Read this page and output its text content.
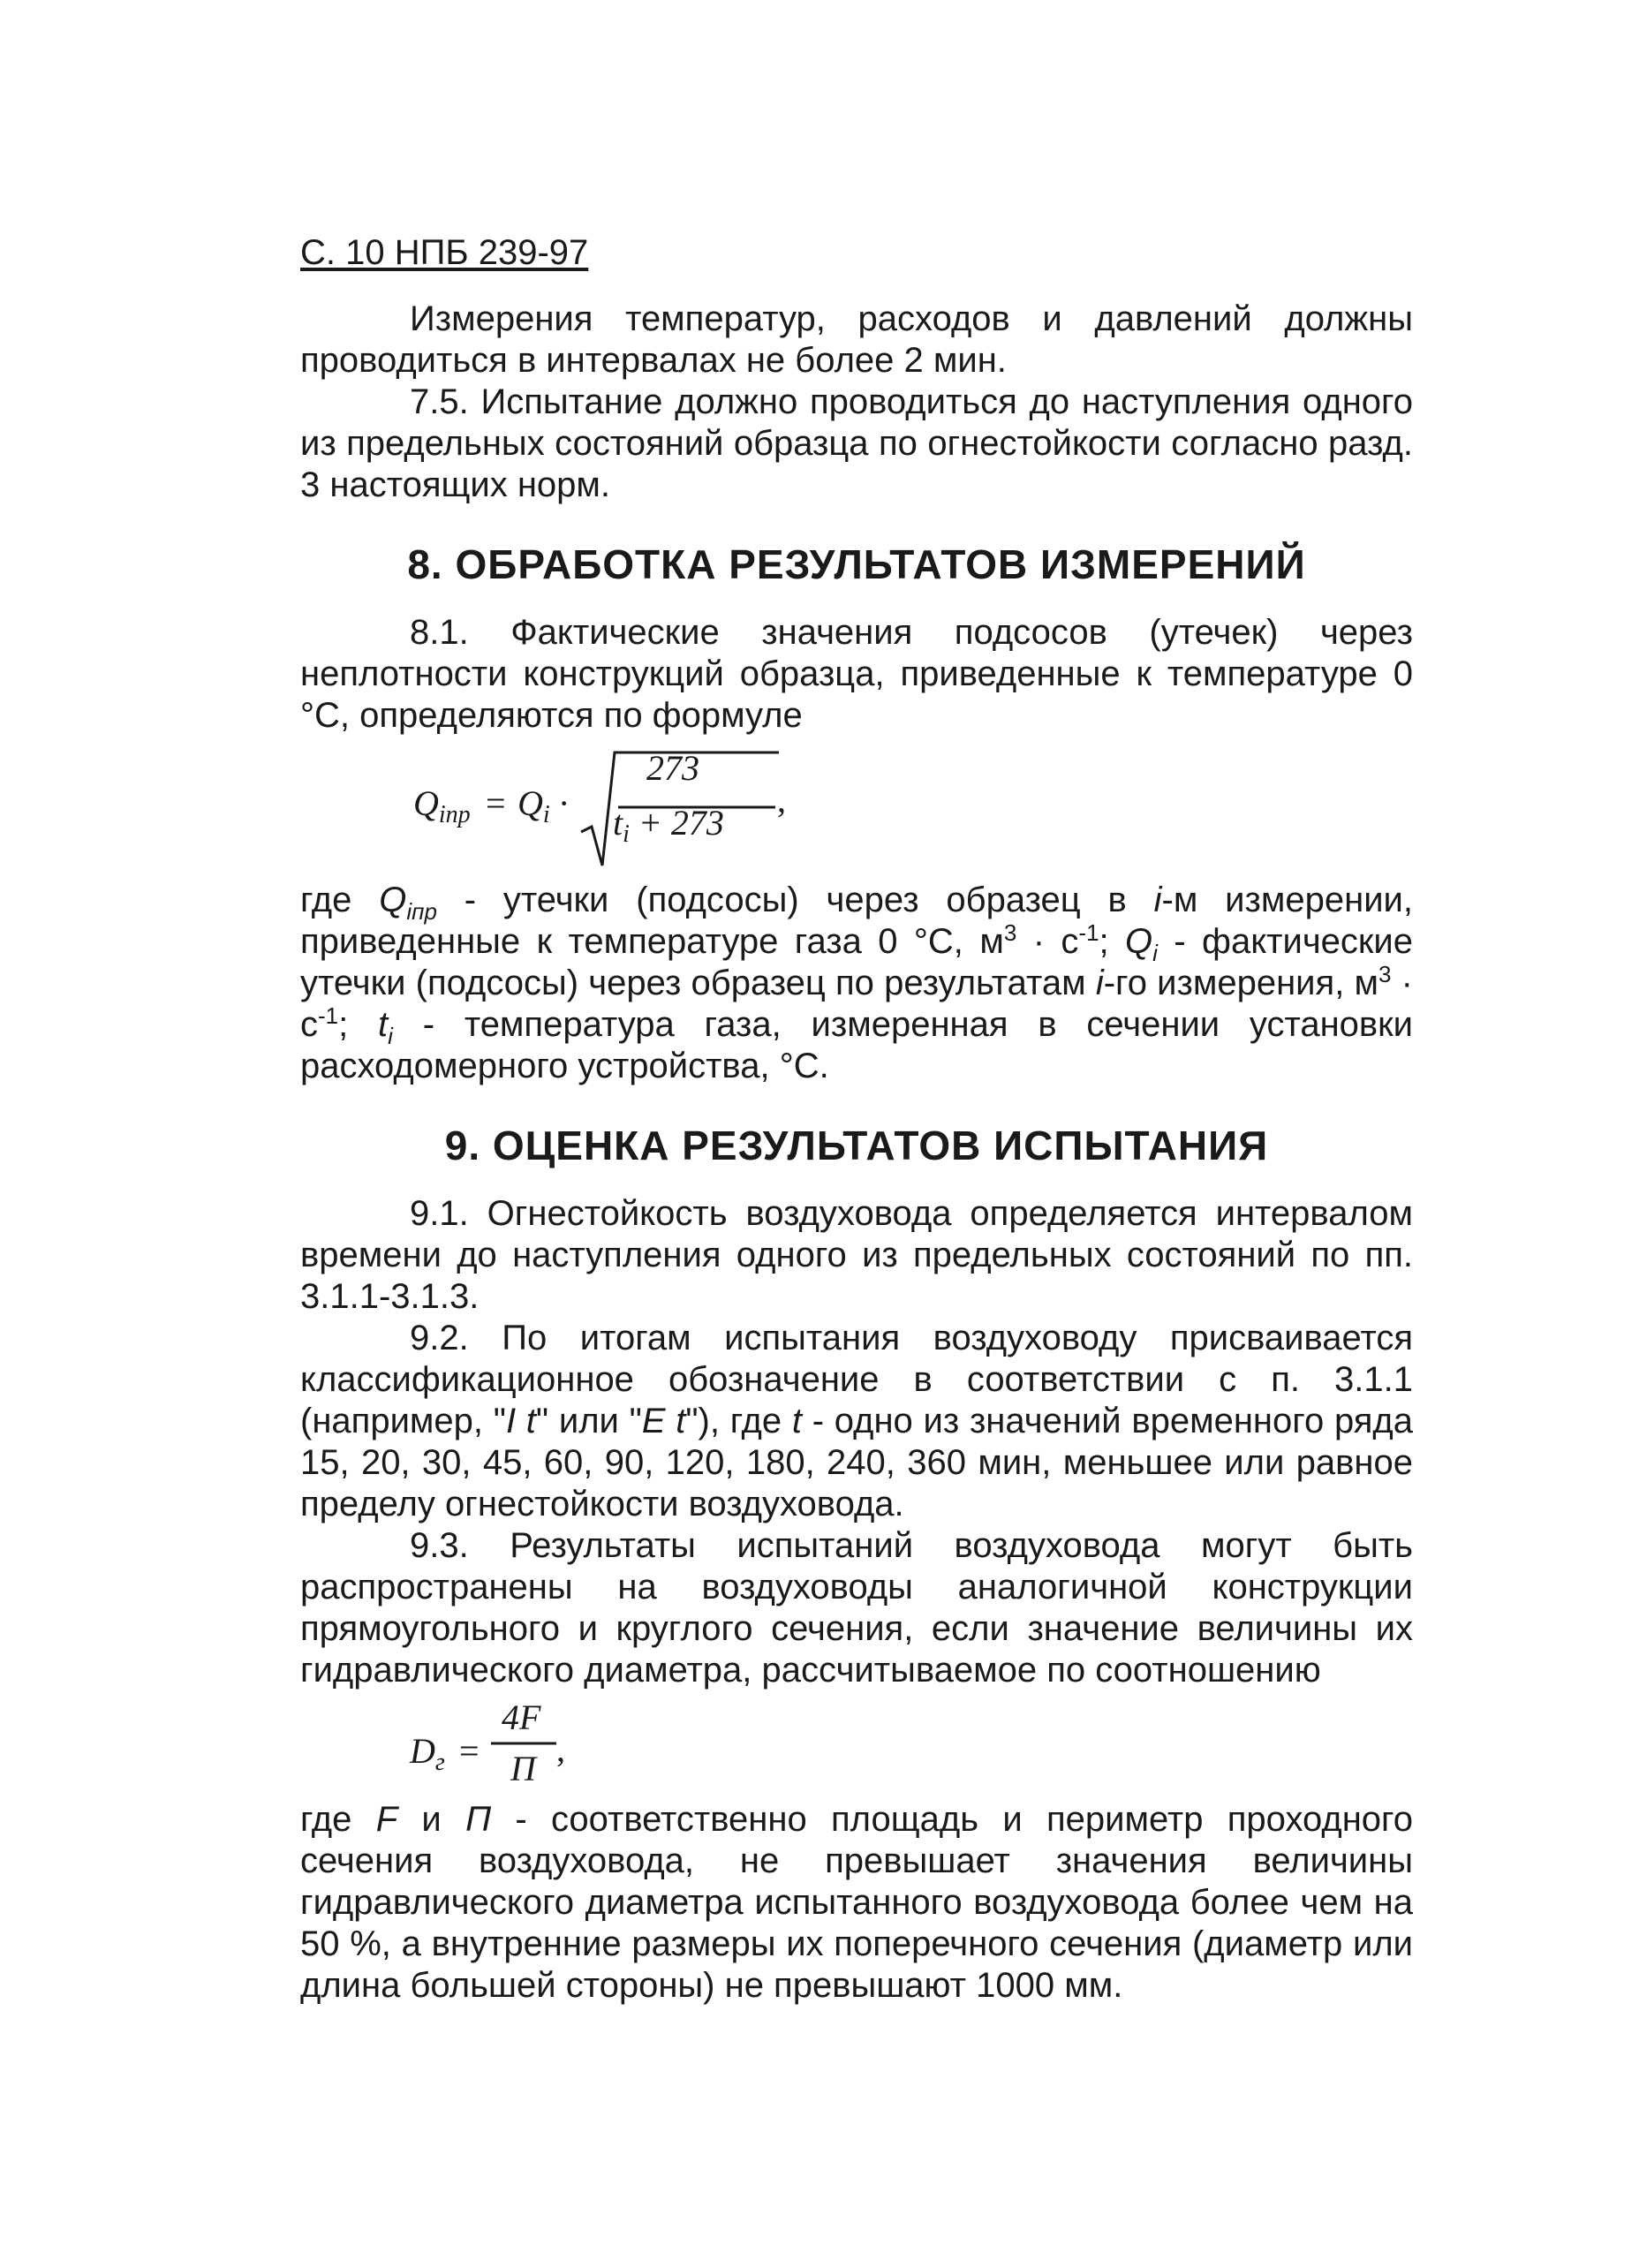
С. 10 НПБ 239-97

Измерения температур, расходов и давлений должны проводиться в интервалах не более 2 мин.

7.5. Испытание должно проводиться до наступления одного из предельных состояний образца по огнестойкости согласно разд. 3 настоящих норм.

8. ОБРАБОТКА РЕЗУЛЬТАТОВ ИЗМЕРЕНИЙ

8.1. Фактические значения подсосов (утечек) через неплотности конструкций образца, приведенные к температуре 0 °С, определяются по формуле

$Q_{iпр} = Q_i$ ·
273
$t_i + 273$
,

где $Q_{iпр}$ - утечки (подсосы) через образец в i-м измерении, приведенные к температуре газа 0 °С, $м^3 \cdot с^{-1}$; $Q_i$ - фактические утечки (подсосы) через образец по результатам i-го измерения, $м^3 \cdot с^{-1}$; $t_i$ - температура газа, измеренная в сечении установки расходомерного устройства, °С.

9. ОЦЕНКА РЕЗУЛЬТАТОВ ИСПЫТАНИЯ

9.1. Огнестойкость воздуховода определяется интервалом времени до наступления одного из предельных состояний по пп. 3.1.1-3.1.3.

9.2. По итогам испытания воздуховоду присваивается классификационное обозначение в соответствии с п. 3.1.1 (например, "I t" или "E t"), где t - одно из значений временного ряда 15, 20, 30, 45, 60, 90, 120, 180, 240, 360 мин, меньшее или равное пределу огнестойкости воздуховода.

9.3. Результаты испытаний воздуховода могут быть распространены на воздуховоды аналогичной конструкции прямоугольного и круглого сечения, если значение величины их гидравлического диаметра, рассчитываемое по соотношению

$D_г$ =
4F
П ,

где F и П - соответственно площадь и периметр проходного сечения воздуховода, не превышает значения величины гидравлического диаметра испытанного воздуховода более чем на 50 %, а внутренние размеры их поперечного сечения (диаметр или длина большей стороны) не превышают 1000 мм.
